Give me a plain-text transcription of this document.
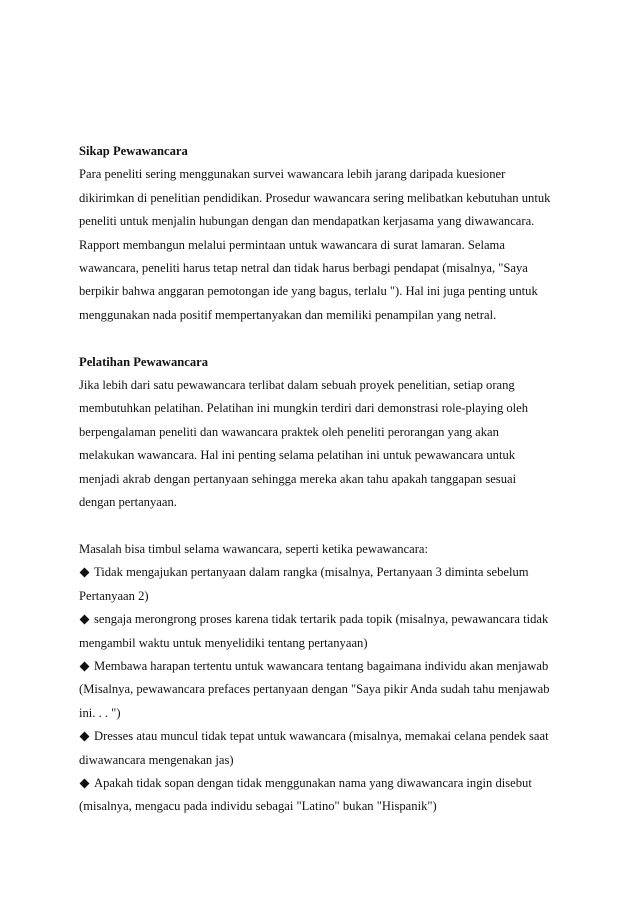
Sikap Pewawancara
Para peneliti sering menggunakan survei wawancara lebih jarang daripada kuesioner
dikirimkan di penelitian pendidikan. Prosedur wawancara sering melibatkan kebutuhan untuk
peneliti untuk menjalin hubungan dengan dan mendapatkan kerjasama yang diwawancara.
Rapport membangun melalui permintaan untuk wawancara di surat lamaran. Selama
wawancara, peneliti harus tetap netral dan tidak harus berbagi pendapat (misalnya, "Saya
berpikir bahwa anggaran pemotongan ide yang bagus, terlalu "). Hal ini juga penting untuk
menggunakan nada positif mempertanyakan dan memiliki penampilan yang netral.
Pelatihan Pewawancara
Jika lebih dari satu pewawancara terlibat dalam sebuah proyek penelitian, setiap orang
membutuhkan pelatihan. Pelatihan ini mungkin terdiri dari demonstrasi role-playing oleh
berpengalaman peneliti dan wawancara praktek oleh peneliti perorangan yang akan
melakukan wawancara. Hal ini penting selama pelatihan ini untuk pewawancara untuk
menjadi akrab dengan pertanyaan sehingga mereka akan tahu apakah tanggapan sesuai
dengan pertanyaan.
Masalah bisa timbul selama wawancara, seperti ketika pewawancara:
Tidak mengajukan pertanyaan dalam rangka (misalnya, Pertanyaan 3 diminta sebelum
Pertanyaan 2)
sengaja merongrong proses karena tidak tertarik pada topik (misalnya, pewawancara tidak
mengambil waktu untuk menyelidiki tentang pertanyaan)
Membawa harapan tertentu untuk wawancara tentang bagaimana individu akan menjawab
(Misalnya, pewawancara prefaces pertanyaan dengan "Saya pikir Anda sudah tahu menjawab
ini. . . ")
Dresses atau muncul tidak tepat untuk wawancara (misalnya, memakai celana pendek saat
diwawancara mengenakan jas)
Apakah tidak sopan dengan tidak menggunakan nama yang diwawancara ingin disebut
(misalnya, mengacu pada individu sebagai "Latino" bukan "Hispanik")
